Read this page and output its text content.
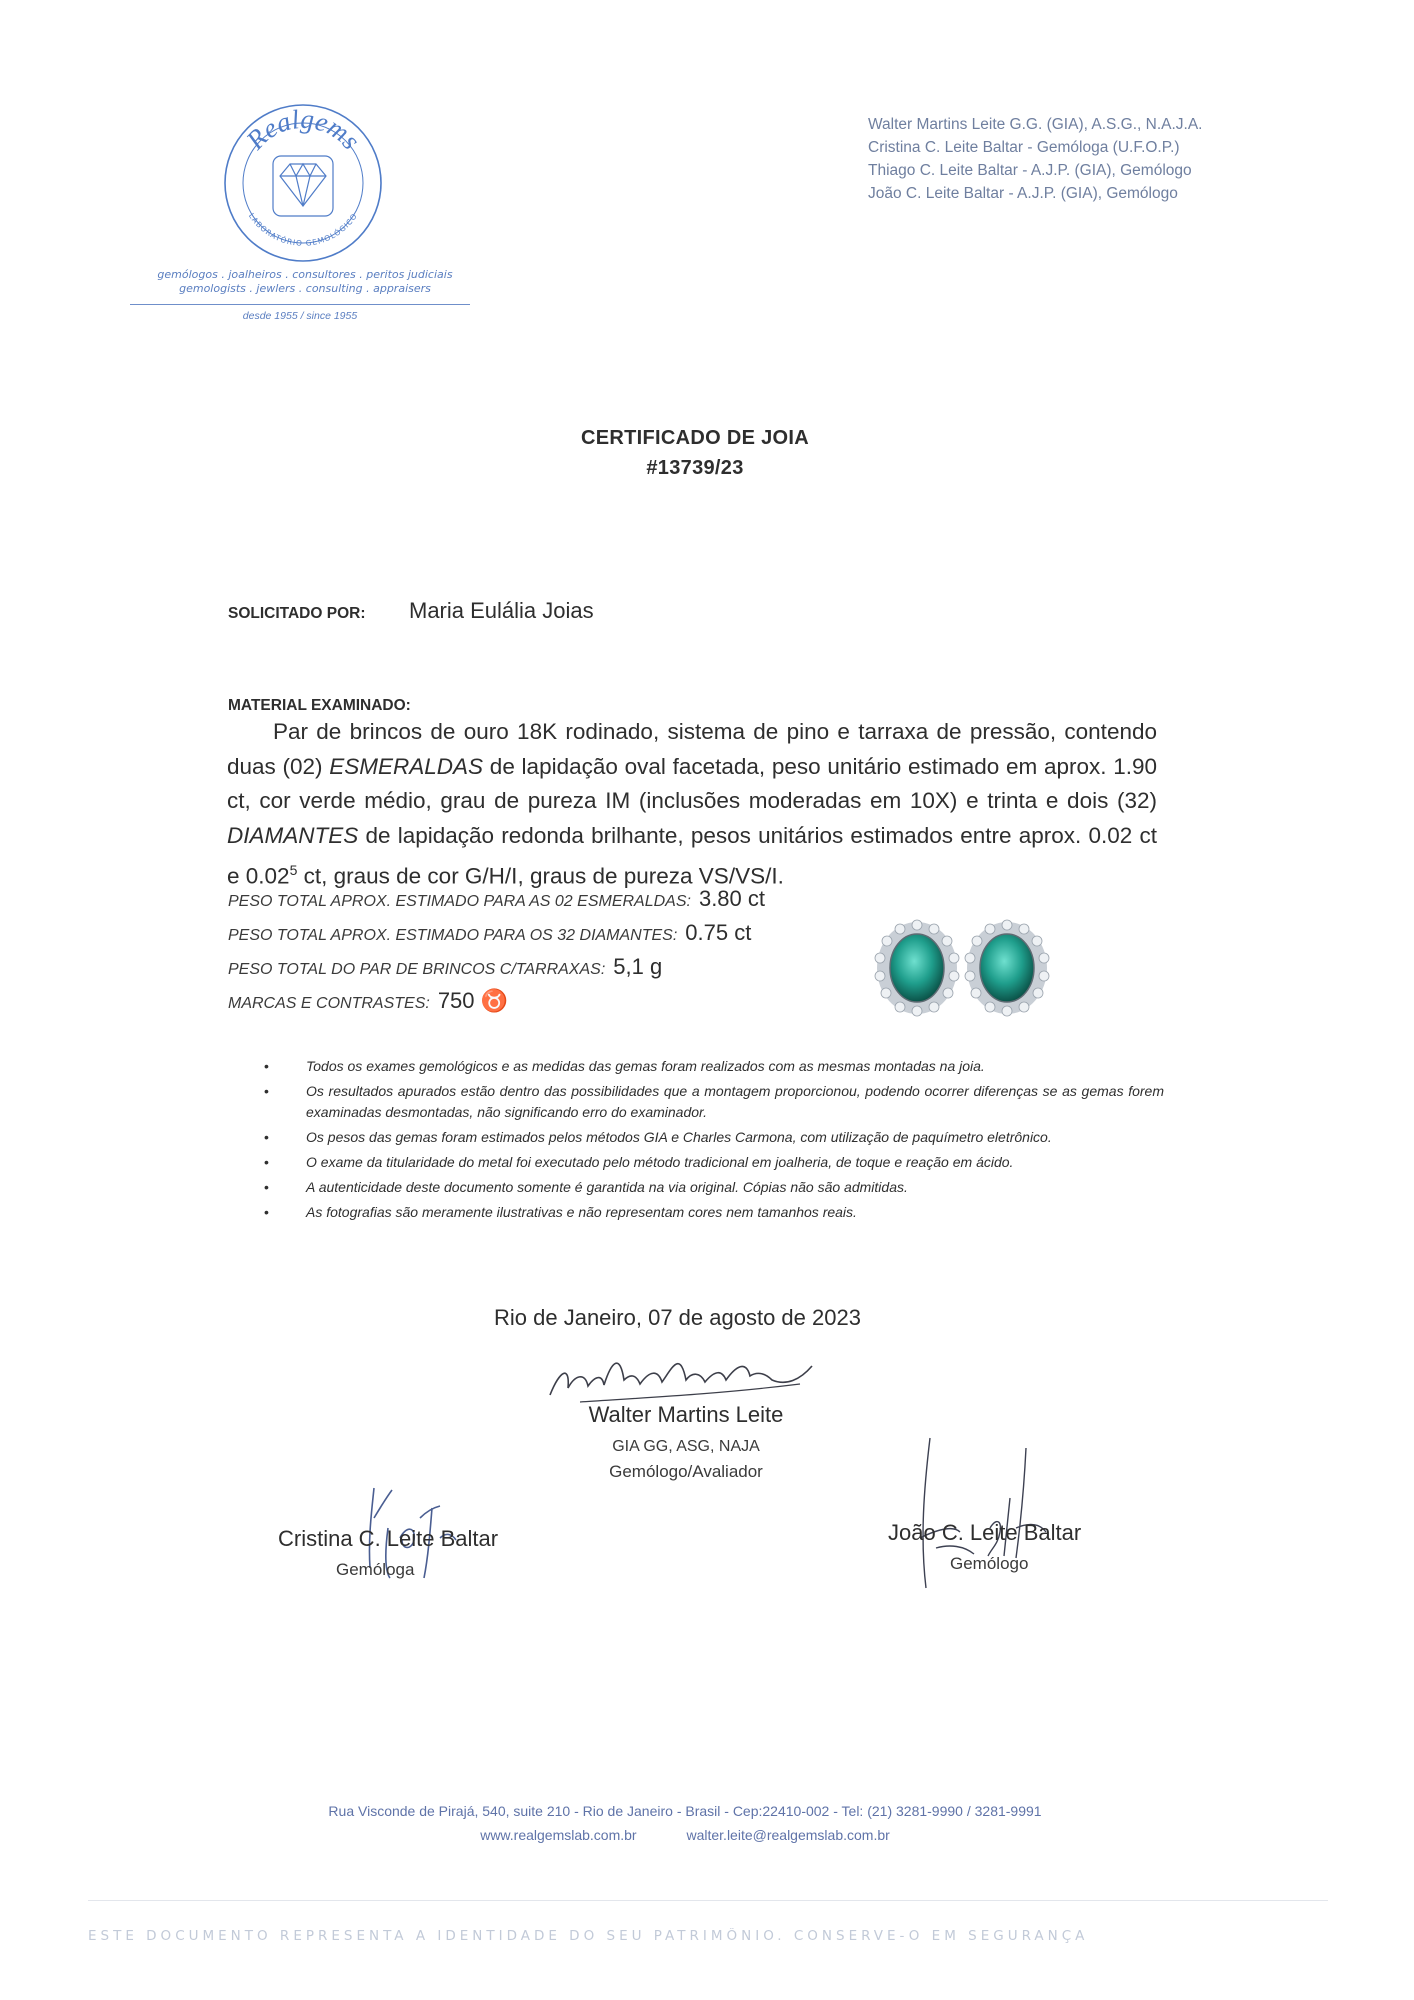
Realgems
LABORATÓRIO GEMOLÓGICO
gemólogos . joalheiros . consultores . peritos judiciais
gemologists . jewlers . consulting . appraisers
desde 1955 / since 1955
Walter Martins Leite G.G. (GIA), A.S.G., N.A.J.A.
Cristina C. Leite Baltar - Gemóloga (U.F.O.P.)
Thiago C. Leite Baltar - A.J.P. (GIA), Gemólogo
João C. Leite Baltar - A.J.P. (GIA), Gemólogo
CERTIFICADO DE JOIA
#13739/23
SOLICITADO POR: Maria Eulália Joias
MATERIAL EXAMINADO:

Par de brincos de ouro 18K rodinado, sistema de pino e tarraxa de pressão, contendo duas (02) ESMERALDAS de lapidação oval facetada, peso unitário estimado em aprox. 1.90 ct, cor verde médio, grau de pureza IM (inclusões moderadas em 10X) e trinta e dois (32) DIAMANTES de lapidação redonda brilhante, pesos unitários estimados entre aprox. 0.02 ct e 0.02$^5$ ct, graus de cor G/H/I, graus de pureza VS/VS/I.

PESO TOTAL APROX. ESTIMADO PARA AS 02 ESMERALDAS: 3.80 ct
PESO TOTAL APROX. ESTIMADO PARA OS 32 DIAMANTES: 0.75 ct
PESO TOTAL DO PAR DE BRINCOS C/TARRAXAS: 5,1 g
MARCAS E CONTRASTES: 750 ♉
•	Todos os exames gemológicos e as medidas das gemas foram realizados com as mesmas montadas na joia.
•	Os resultados apurados estão dentro das possibilidades que a montagem proporcionou, podendo ocorrer diferenças se as gemas forem examinadas desmontadas, não significando erro do examinador.
•	Os pesos das gemas foram estimados pelos métodos GIA e Charles Carmona, com utilização de paquímetro eletrônico.
•	O exame da titularidade do metal foi executado pelo método tradicional em joalheria, de toque e reação em ácido.
•	A autenticidade deste documento somente é garantida na via original. Cópias não são admitidas.
•	As fotografias são meramente ilustrativas e não representam cores nem tamanhos reais.
Rio de Janeiro, 07 de agosto de 2023
Walter Martins Leite
GIA GG, ASG, NAJA
Gemólogo/Avaliador
Cristina C. Leite Baltar
Gemóloga
João C. Leite Baltar
Gemólogo
Rua Visconde de Pirajá, 540, suite 210 - Rio de Janeiro - Brasil - Cep:22410-002 - Tel: (21) 3281-9990 / 3281-9991
www.realgemslab.com.br	walter.leite@realgemslab.com.br
ESTE DOCUMENTO REPRESENTA A IDENTIDADE DO SEU PATRIMÔNIO. CONSERVE-O EM SEGURANÇA
